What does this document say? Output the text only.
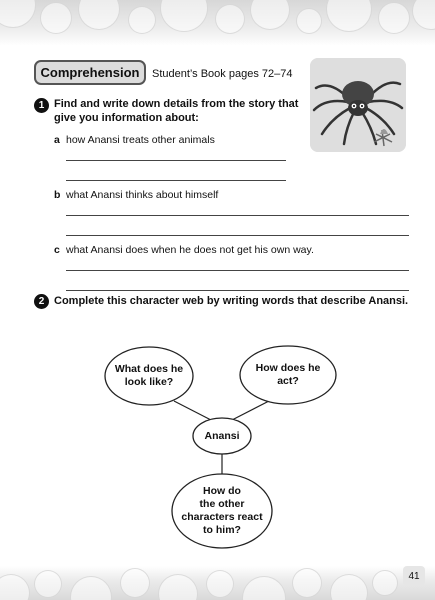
Comprehension Student’s Book pages 72–74
1 Find and write down details from the story that
give you information about:
a how Anansi treats other animals
b what Anansi thinks about himself
c what Anansi does when he does not get his own way.
2 Complete this character web by writing words that describe Anansi.
What does he
look like?
How does he
act?
Anansi
How do
the other
characters react
to him?
41
